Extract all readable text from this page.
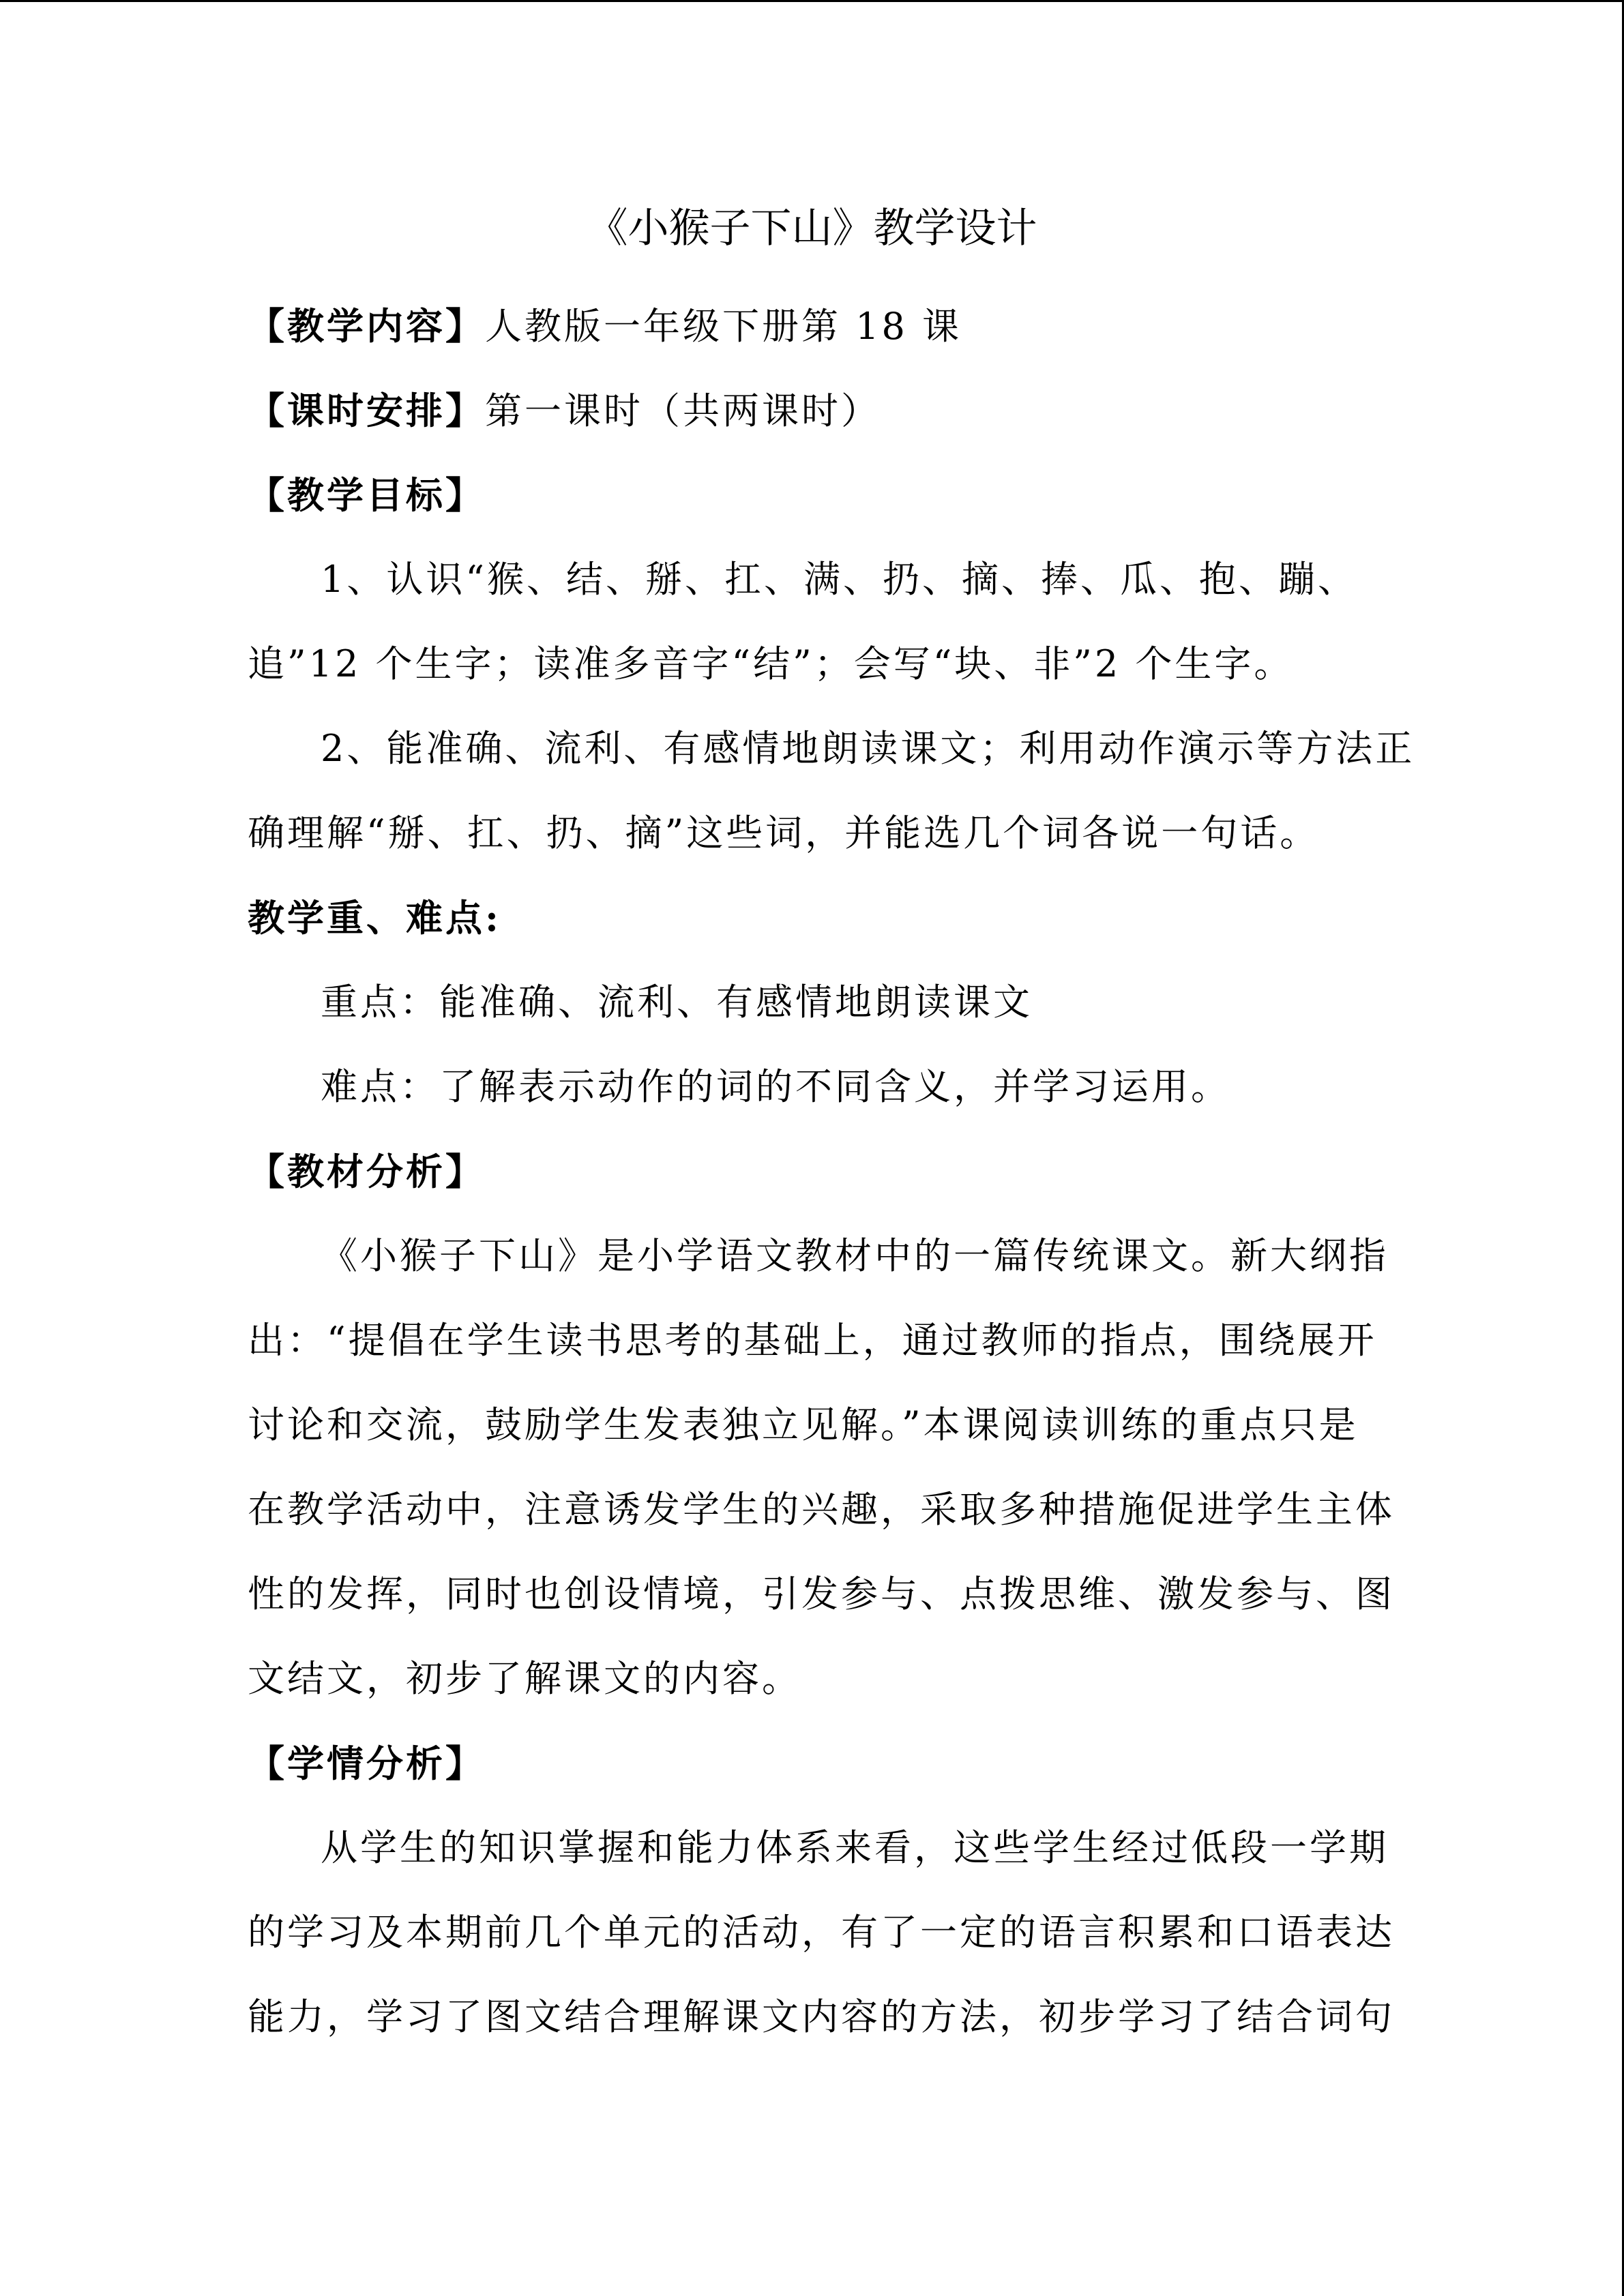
《小猴子下山》教学设计
【教学内容】人教版一年级下册第 18 课
【课时安排】第一课时（共两课时）
【教学目标】
1、认识“猴、结、掰、扛、满、扔、摘、捧、瓜、抱、蹦、
追”12 个生字；读准多音字“结”；会写“块、非”2 个生字。
2、能准确、流利、有感情地朗读课文；利用动作演示等方法正
确理解“掰、扛、扔、摘”这些词，并能选几个词各说一句话。
教学重、难点:
重点：能准确、流利、有感情地朗读课文
难点：了解表示动作的词的不同含义，并学习运用。
【教材分析】
《小猴子下山》是小学语文教材中的一篇传统课文。新大纲指
出：“提倡在学生读书思考的基础上，通过教师的指点，围绕展开
讨论和交流，鼓励学生发表独立见解。”本课阅读训练的重点只是
在教学活动中，注意诱发学生的兴趣，采取多种措施促进学生主体
性的发挥，同时也创设情境，引发参与、点拨思维、激发参与、图
文结文，初步了解课文的内容。
【学情分析】
从学生的知识掌握和能力体系来看，这些学生经过低段一学期
的学习及本期前几个单元的活动，有了一定的语言积累和口语表达
能力，学习了图文结合理解课文内容的方法，初步学习了结合词句
